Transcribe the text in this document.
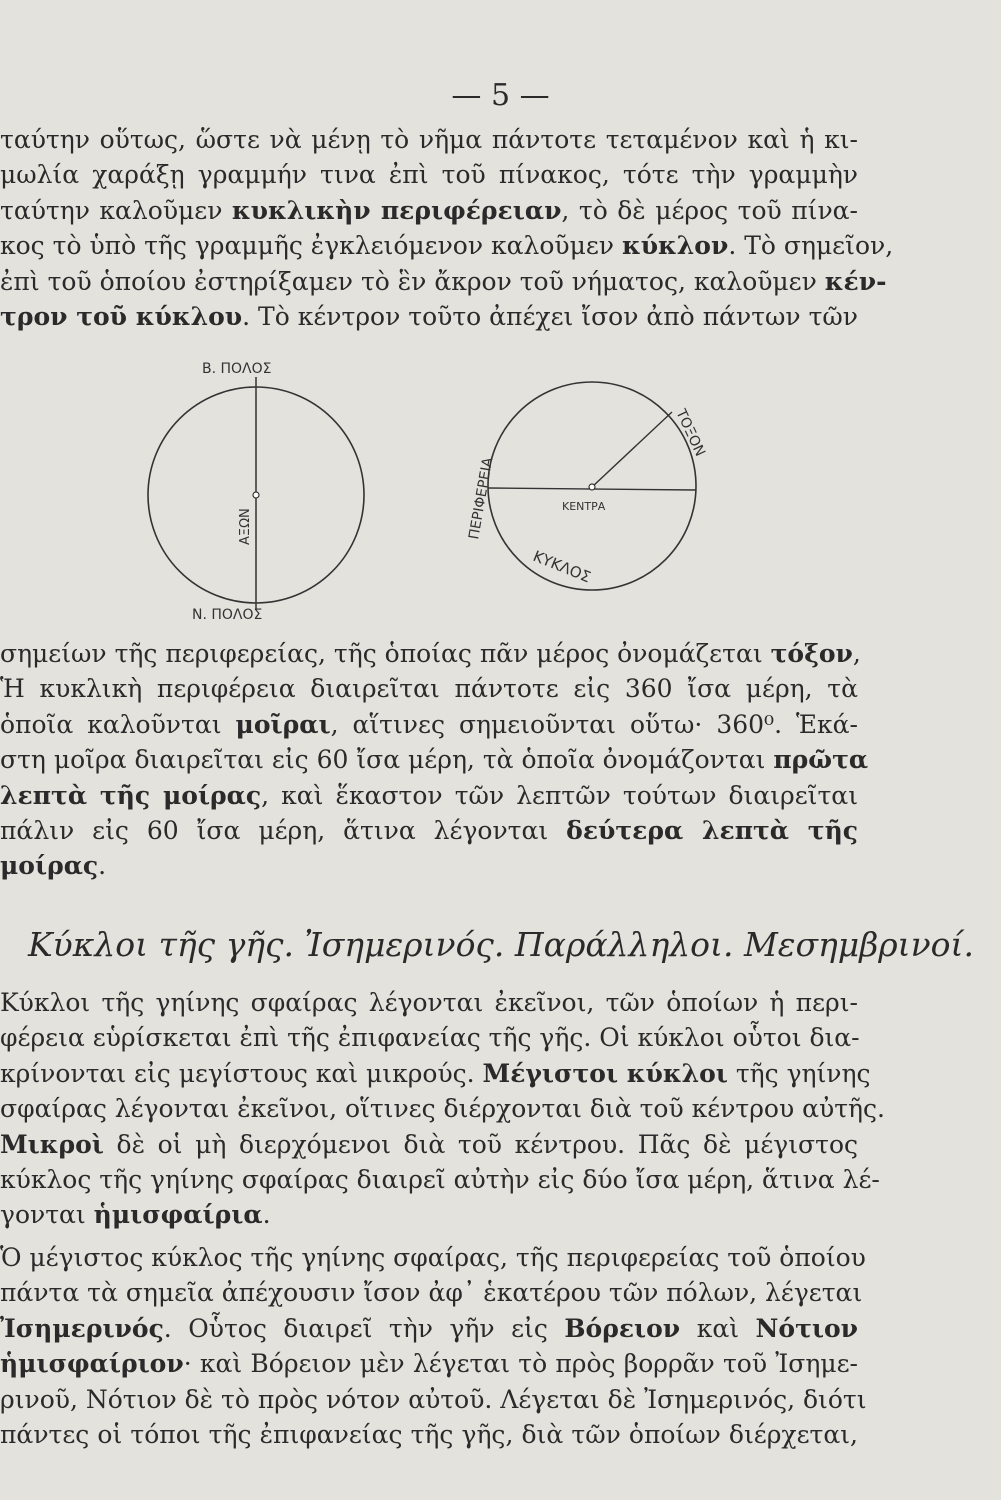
— 5 —
ταύτην οὕτως, ὥστε νὰ μένῃ τὸ νῆμα πάντοτε τεταμένον καὶ ἡ κι-
μωλία χαράξῃ γραμμήν τινα ἐπὶ τοῦ πίνακος, τότε τὴν γραμμὴν
ταύτην καλοῦμεν κυκλικὴν περιφέρειαν, τὸ δὲ μέρος τοῦ πίνα-
κος τὸ ὑπὸ τῆς γραμμῆς ἐγκλειόμενον καλοῦμεν κύκλον. Τὸ σημεῖον,
ἐπὶ τοῦ ὁποίου ἐστηρίξαμεν τὸ ἓν ἄκρον τοῦ νήματος, καλοῦμεν κέν-
τρον τοῦ κύκλου. Τὸ κέντρον τοῦτο ἀπέχει ἴσον ἀπὸ πάντων τῶν
Β. ΠΟΛΟΣ
ΑΞΩΝ
Ν. ΠΟΛΟΣ
ΚΕΝΤΡΑ
ΠΕΡΙΦΕΡΕΙΑ
ΤΟΞΟΝ
ΚΥΚΛΟΣ
σημείων τῆς περιφερείας, τῆς ὁποίας πᾶν μέρος ὀνομάζεται τόξον,
Ἡ κυκλικὴ περιφέρεια διαιρεῖται πάντοτε εἰς 360 ἴσα μέρη, τὰ
ὁποῖα καλοῦνται μοῖραι, αἵτινες σημειοῦνται οὕτω· 360⁰. Ἑκά-
στη μοῖρα διαιρεῖται εἰς 60 ἴσα μέρη, τὰ ὁποῖα ὀνομάζονται πρῶτα
λεπτὰ τῆς μοίρας, καὶ ἕκαστον τῶν λεπτῶν τούτων διαιρεῖται
πάλιν εἰς 60 ἴσα μέρη, ἅτινα λέγονται δεύτερα λεπτὰ τῆς
μοίρας.
Κύκλοι τῆς γῆς. Ἰσημερινός. Παράλληλοι. Μεσημβρινοί.
Κύκλοι τῆς γηίνης σφαίρας λέγονται ἐκεῖνοι, τῶν ὁποίων ἡ περι-
φέρεια εὑρίσκεται ἐπὶ τῆς ἐπιφανείας τῆς γῆς. Οἱ κύκλοι οὗτοι δια-
κρίνονται εἰς μεγίστους καὶ μικρούς. Μέγιστοι κύκλοι τῆς γηίνης
σφαίρας λέγονται ἐκεῖνοι, οἵτινες διέρχονται διὰ τοῦ κέντρου αὐτῆς.
Μικροὶ δὲ οἱ μὴ διερχόμενοι διὰ τοῦ κέντρου. Πᾶς δὲ μέγιστος
κύκλος τῆς γηίνης σφαίρας διαιρεῖ αὐτὴν εἰς δύο ἴσα μέρη, ἅτινα λέ-
γονται ἡμισφαίρια.
Ὁ μέγιστος κύκλος τῆς γηίνης σφαίρας, τῆς περιφερείας τοῦ ὁποίου
πάντα τὰ σημεῖα ἀπέχουσιν ἴσον ἀφ᾽ ἑκατέρου τῶν πόλων, λέγεται
Ἰσημερινός. Οὗτος διαιρεῖ τὴν γῆν εἰς Βόρειον καὶ Νότιον
ἡμισφαίριον· καὶ Βόρειον μὲν λέγεται τὸ πρὸς βορρᾶν τοῦ Ἰσημε-
ρινοῦ, Νότιον δὲ τὸ πρὸς νότον αὐτοῦ. Λέγεται δὲ Ἰσημερινός, διότι
πάντες οἱ τόποι τῆς ἐπιφανείας τῆς γῆς, διὰ τῶν ὁποίων διέρχεται,
